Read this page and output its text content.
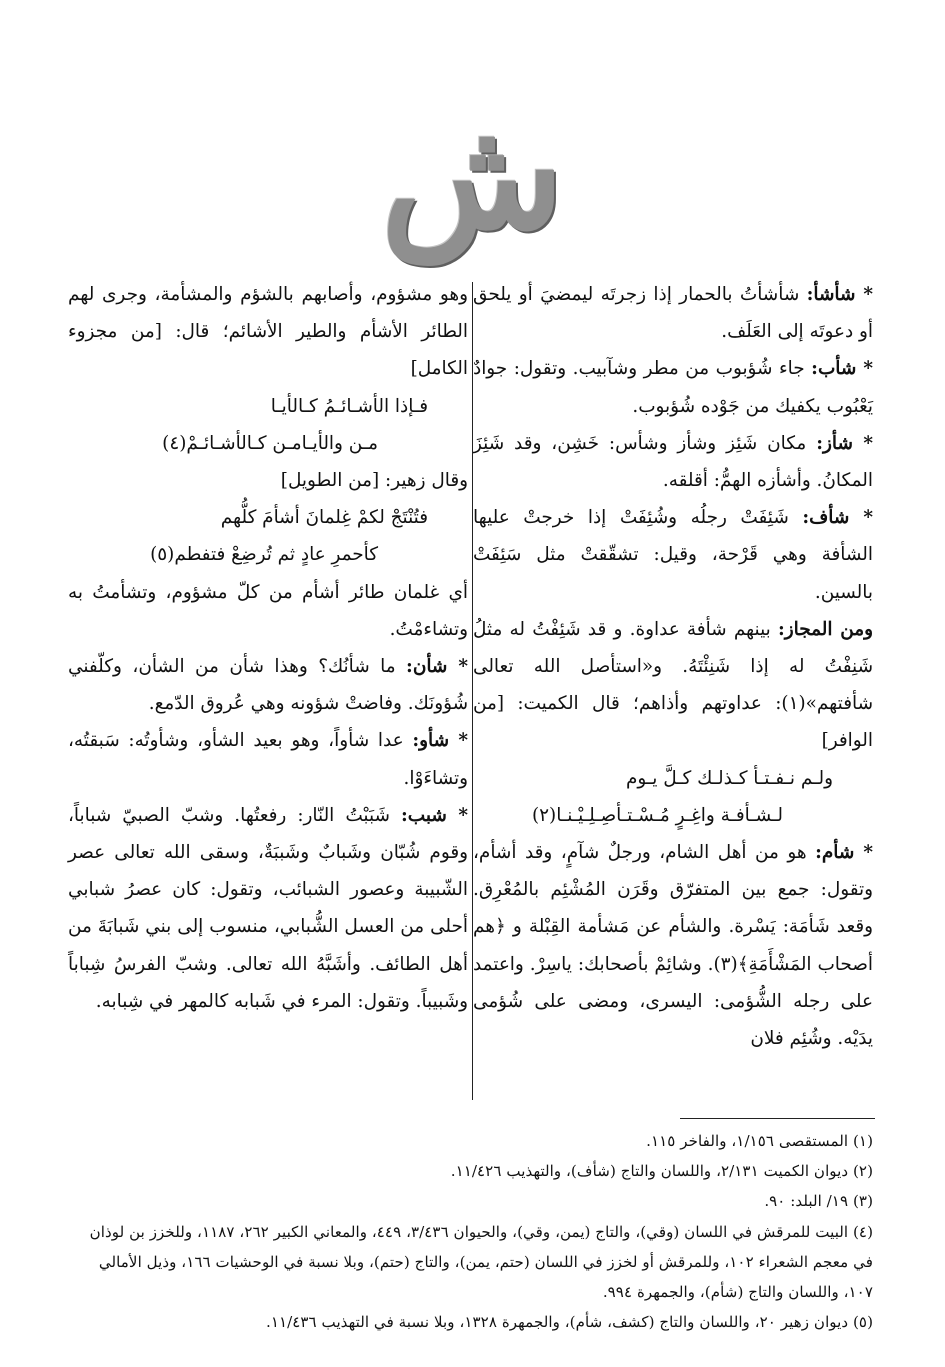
ش

* شأشأ: شأشأتُ بالحمار إذا زجرتَه ليمضيَ أو يلحق أو دعوتَه إلى العَلَف.

* شأب: جاء شُؤبوب من مطر وشآبيب. وتقول: جوادٌ يَعْبُوب يكفيك من جَوْده شُؤبوب.

* شأز: مكان شَئِز وشأز وشأس: خَشِن، وقد شَئِزَ المكانُ. وأشأزه الهمُّ: أقلقه.

* شأف: شَئِفَتْ رجلُه وشُئِفَتْ إذا خرجتْ عليها الشأفة وهي قَرْحة، وقيل: تشقّقتْ مثل سَئِفَتْ بالسين.

ومن المجاز: بينهم شأفة عداوة. و قد شَئِفْتُ له مثلُ شَنِفْتُ له إذا شَنِئْتَهُ. و«استأصل الله تعالى شأفتهم»(١): عداوتهم وأذاهم؛ قال الكميت: [من الوافر]

ولـم نـفـتـأ كـذلـك كـلَّ يـوم
لـشـأفـة واغِـرٍ مُـسْـتـأصِـلِـيْـنـا(٢)

* شأم: هو من أهل الشام، ورجلٌ شآمٍ، وقد أشأم، وتقول: جمع بين المتفرّق وقَرَن المُشْئِم بالمُعْرِق. وقعد شَأمَة: يَسْرة. والشأم عن مَشأمة القِبْلة و ﴿هم أصحاب المَشْأَمَةِ﴾(٣). وشائِمْ بأصحابك: ياسِرْ. واعتمد على رجله الشُّؤمى: اليسرى، ومضى على شُؤمى يدَيْه. وشُئِم فلان

وهو مشؤوم، وأصابهم بالشؤم والمشأمة، وجرى لهم الطائر الأشأم والطير الأشائم؛ قال: [من مجزوء الكامل]

فـإذا الأشـائـمُ كـالأيـا
مـن والأيـامـن كـالأشـائـمْ(٤)

وقال زهير: [من الطويل]

فتُنْتَجْ لكمْ غِلمانَ أشأمَ كلُّهم
كأحمرِ عادٍ ثم تُرضِعْ فتفطم(٥)

أي غلمان طائر أشأم من كلّ مشؤوم، وتشأمتُ به وتشاءمْتُ.

* شأن: ما شأنُك؟ وهذا شأن من الشأن، وكلّفني شُؤونَك. وفاضتْ شؤونه وهي عُروق الدّمع.

* شأو: عدا شأواً، وهو بعيد الشأو، وشأوتُه: سَبقتُه، وتشاءَوْا.

* شبب: شَبَبْتُ النّار: رفعتُها. وشبّ الصبيّ شباباً، وقوم شُبّان وشَبابٌ وشَببَةٌ، وسقى الله تعالى عصر الشّبيبة وعصور الشبائب، وتقول: كان عصرُ شبابي أحلى من العسل الشُّبابي، منسوب إلى بني شَبابَةَ من أهل الطائف. وأشَبَّهُ الله تعالى. وشبّ الفرسُ شِباباً وشَبيباً. وتقول: المرء في شَبابه كالمهر في شِبابه.

(١) المستقصى ١/١٥٦، والفاخر ١١٥.

(٢) ديوان الكميت ٢/١٣١، واللسان والتاج (شأف)، والتهذيب ١١/٤٢٦.

(٣) ١٩/ البلد: ٩٠.

(٤) البيت للمرقش في اللسان (وقي)، والتاج (يمن، وقي)، والحيوان ٣/٤٣٦، ٤٤٩، والمعاني الكبير ٢٦٢، ١١٨٧، وللخزز بن لوذان في معجم الشعراء ١٠٢، وللمرقش أو لخزز في اللسان (حتم، يمن)، والتاج (حتم)، وبلا نسبة في الوحشيات ١٦٦، وذيل الأمالي ١٠٧، واللسان والتاج (شأم)، والجمهرة ٩٩٤.

(٥) ديوان زهير ٢٠، واللسان والتاج (كشف، شأم)، والجمهرة ١٣٢٨، وبلا نسبة في التهذيب ١١/٤٣٦.
